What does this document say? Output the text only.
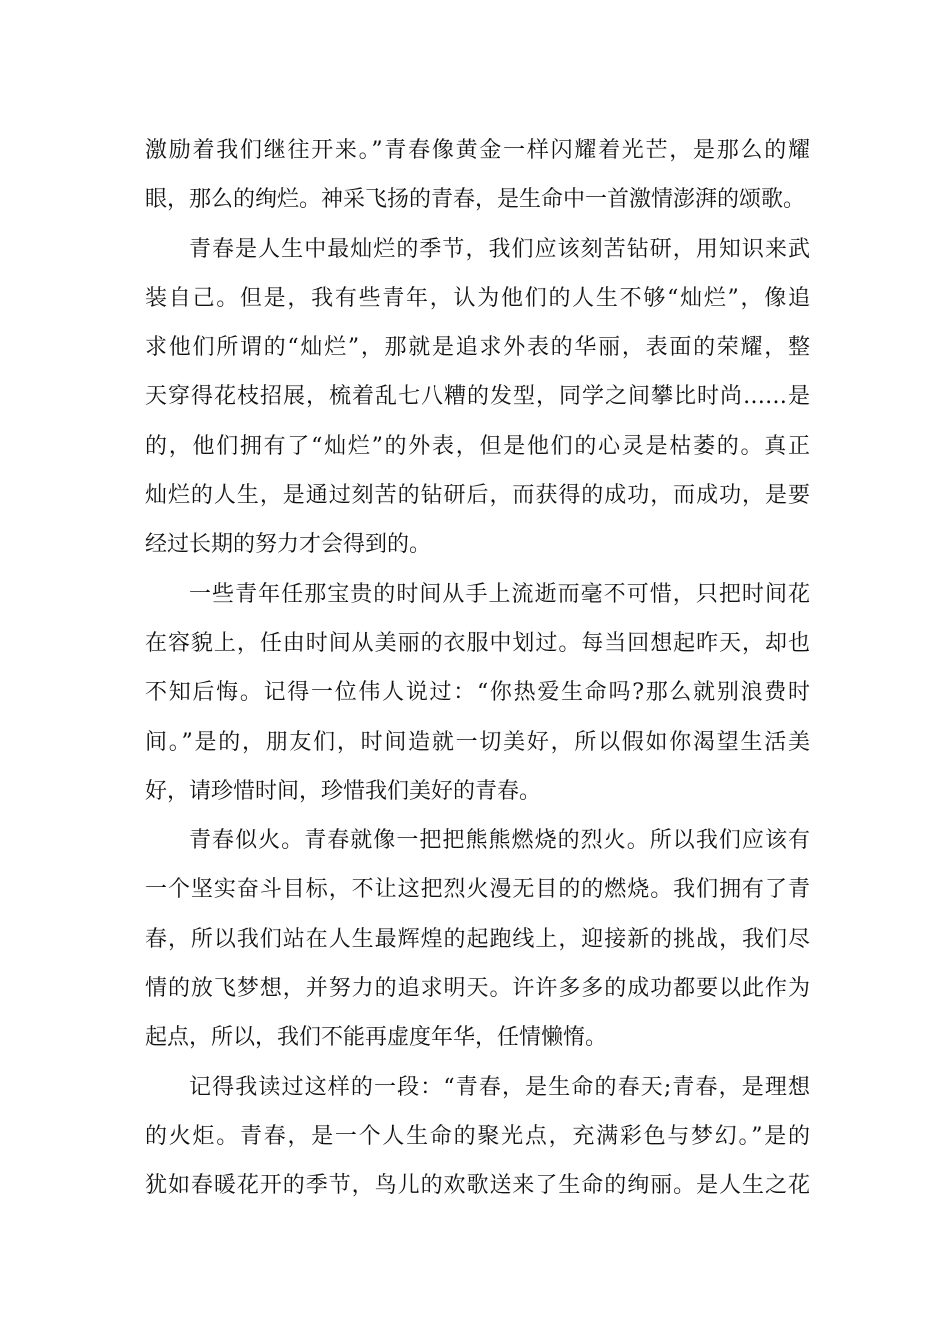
激励着我们继往开来。”青春像黄金一样闪耀着光芒，是那么的耀
眼，那么的绚烂。神采飞扬的青春，是生命中一首激情澎湃的颂歌。
青春是人生中最灿烂的季节，我们应该刻苦钻研，用知识来武
装自己。但是，我有些青年，认为他们的人生不够“灿烂”，像追
求他们所谓的“灿烂”，那就是追求外表的华丽，表面的荣耀，整
天穿得花枝招展，梳着乱七八糟的发型，同学之间攀比时尚……是
的，他们拥有了“灿烂”的外表，但是他们的心灵是枯萎的。真正
灿烂的人生，是通过刻苦的钻研后，而获得的成功，而成功，是要
经过长期的努力才会得到的。
一些青年任那宝贵的时间从手上流逝而毫不可惜，只把时间花
在容貌上，任由时间从美丽的衣服中划过。每当回想起昨天，却也
不知后悔。记得一位伟人说过：“你热爱生命吗?那么就别浪费时
间。”是的，朋友们，时间造就一切美好，所以假如你渴望生活美
好，请珍惜时间，珍惜我们美好的青春。
青春似火。青春就像一把把熊熊燃烧的烈火。所以我们应该有
一个坚实奋斗目标，不让这把烈火漫无目的的燃烧。我们拥有了青
春，所以我们站在人生最辉煌的起跑线上，迎接新的挑战，我们尽
情的放飞梦想，并努力的追求明天。许许多多的成功都要以此作为
起点，所以，我们不能再虚度年华，任情懒惰。
记得我读过这样的一段：“青春，是生命的春天;青春，是理想
的火炬。青春，是一个人生命的聚光点，充满彩色与梦幻。”是的
犹如春暖花开的季节，鸟儿的欢歌送来了生命的绚丽。是人生之花
